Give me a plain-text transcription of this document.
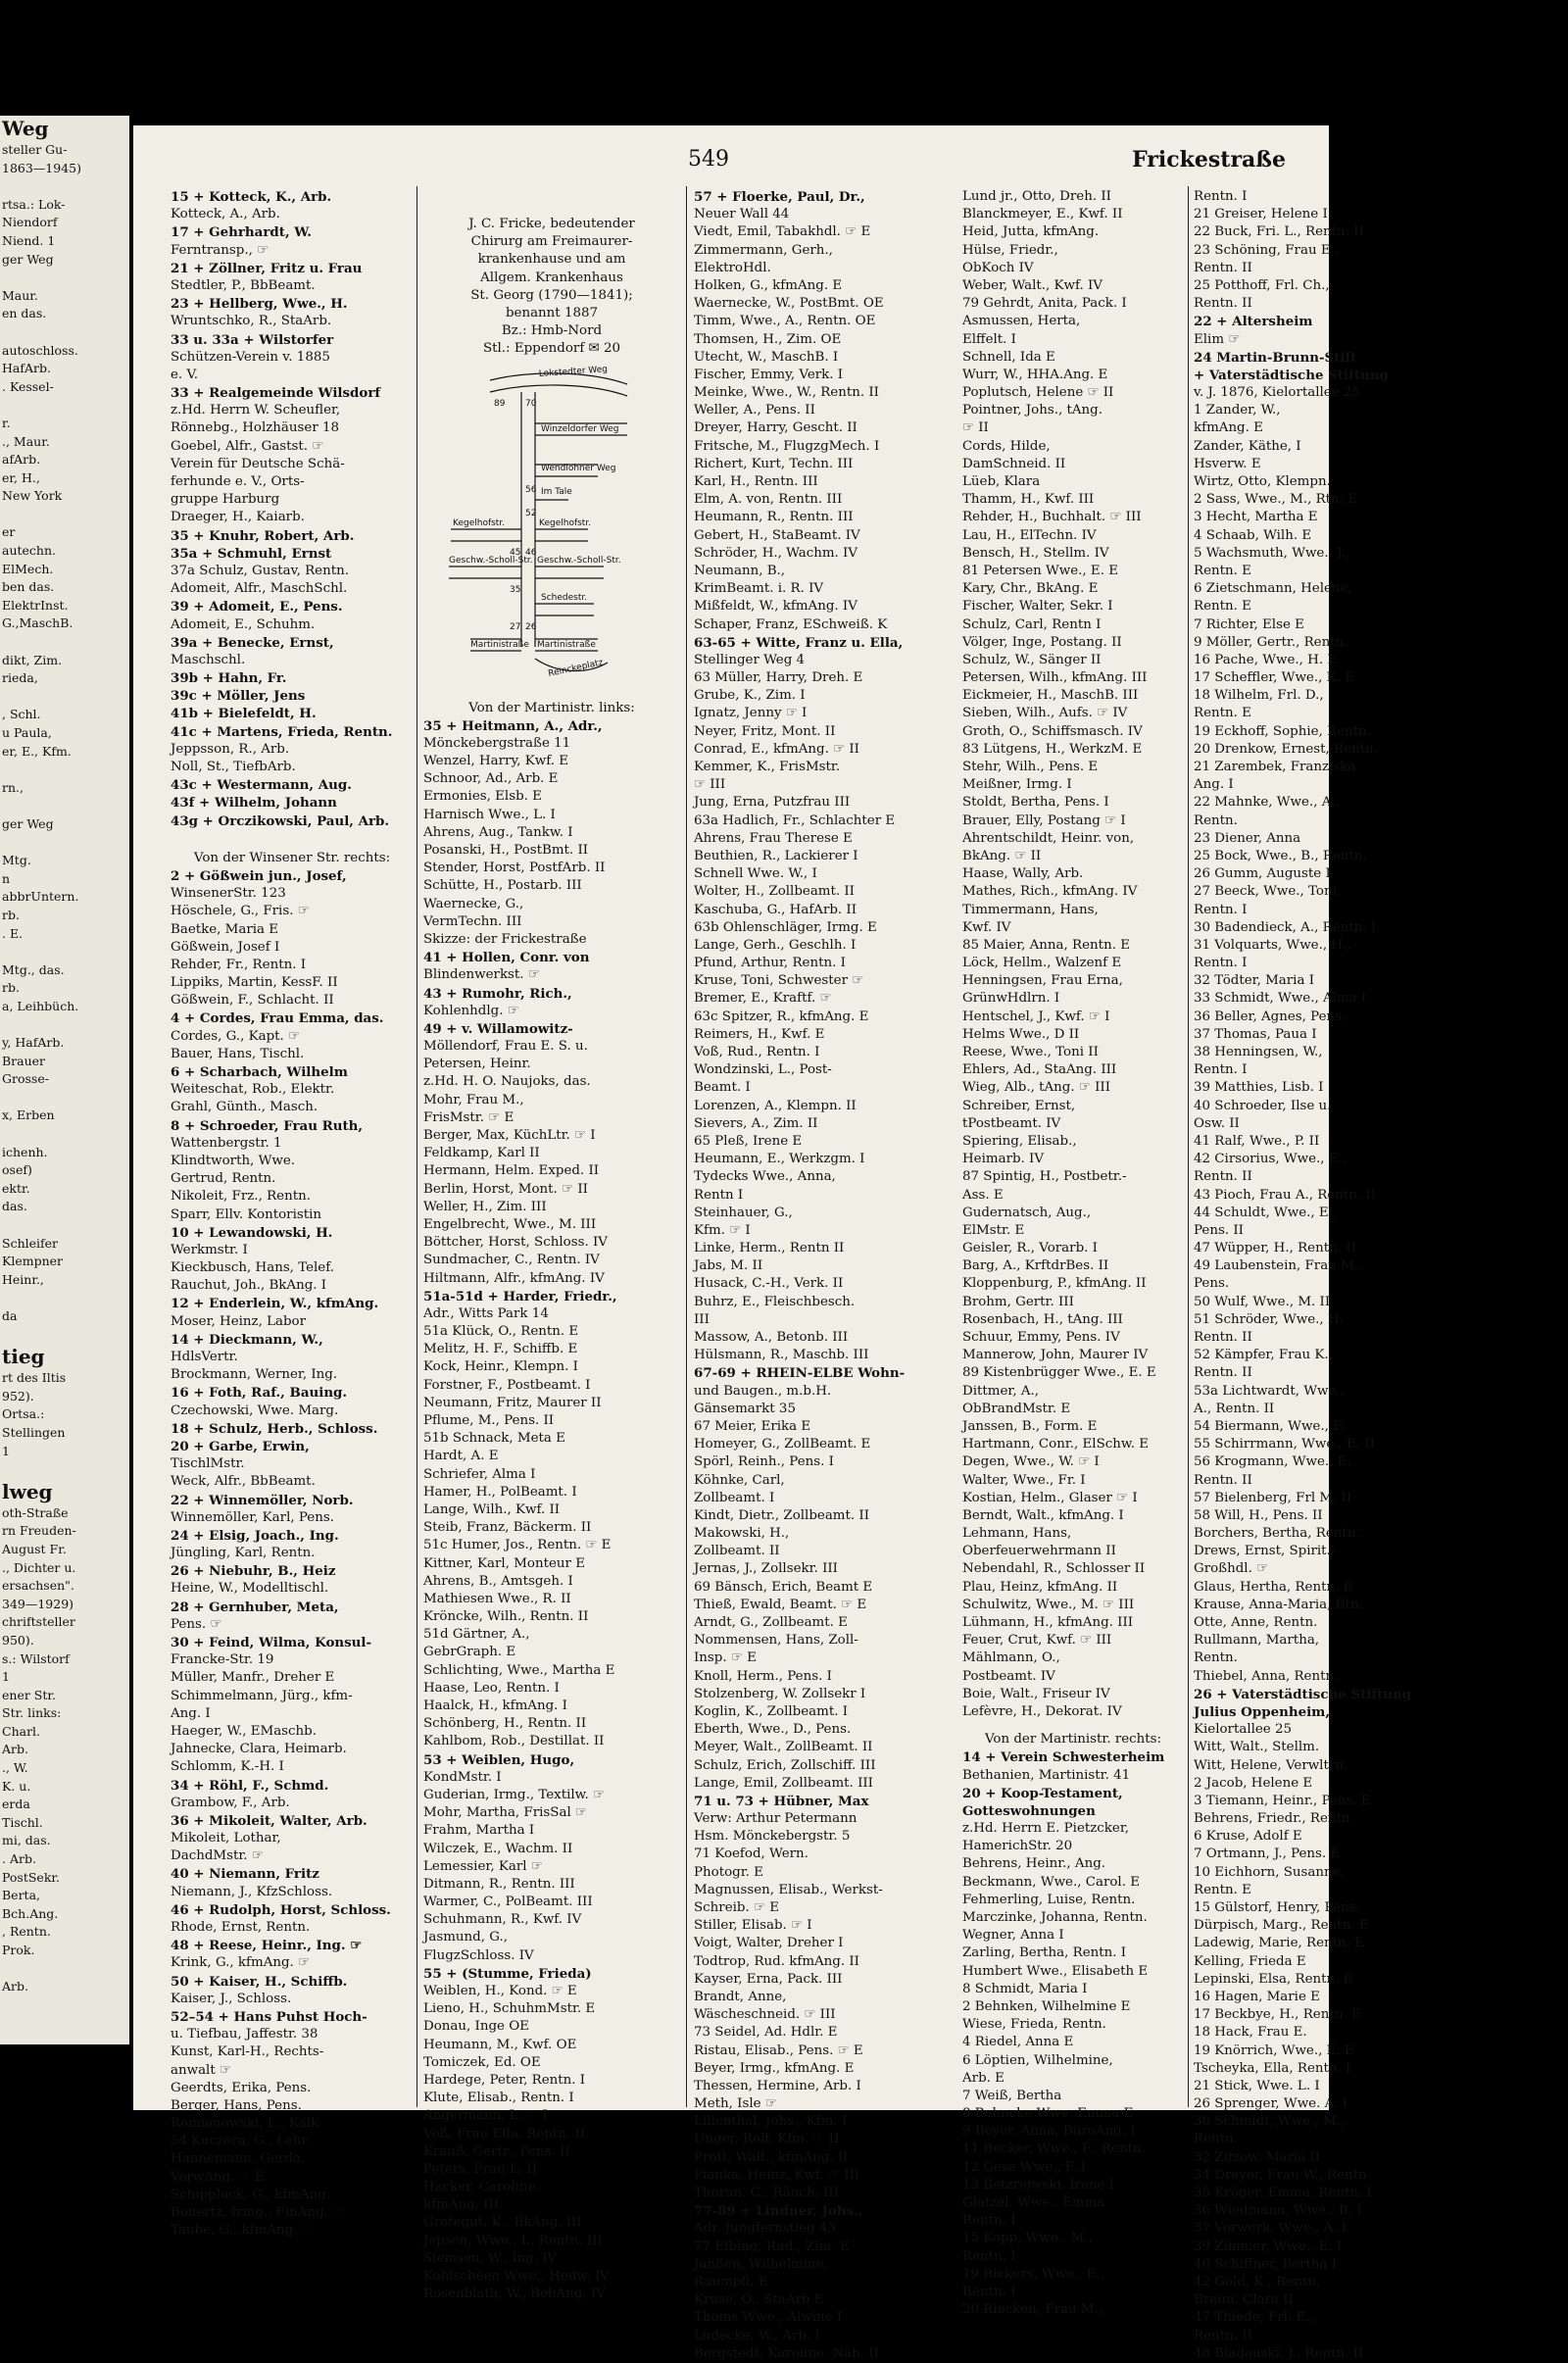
Weg
steller Gu-
1863—1945)
rtsa.: Lok-
Niendorf
Niend. 1
ger Weg
Maur.
en das.
autoschloss.
HafArb.
. Kessel-
r.
., Maur.
afArb.
er, H.,
New York
er
autechn.
ElMech.
ben das.
ElektrInst.
G.,MaschB.
dikt, Zim.
rieda,
, Schl.
u Paula,
er, E., Kfm.
rn.,
ger Weg
Mtg.
n
abbrUntern.
rb.
. E.
Mtg., das.
rb.
a, Leihbüch.
y, HafArb.
Brauer
Grosse-
x, Erben
ichenh.
osef)
ektr.
das.
Schleifer
Klempner
Heinr.,
da
tieg
rt des Iltis
952).
Ortsa.:
Stellingen
1
lweg
oth-Straße
rn Freuden-
August Fr.
., Dichter u.
ersachsen".
349—1929)
chriftsteller
950).
s.: Wilstorf
1
ener Str.
Str. links:
Charl.
Arb.
., W.
K. u.
erda
Tischl.
mi, das.
. Arb.
PostSekr.
Berta,
Bch.Ang.
, Rentn.
Prok.
Arb.
549	Frickestraße
15 + Kotteck, K., Arb.
Kotteck, A., Arb.
17 + Gehrhardt, W.
Ferntransp., ☞
21 + Zöllner, Fritz u. Frau
Stedtler, P., BbBeamt.
23 + Hellberg, Wwe., H.
Wruntschko, R., StaArb.
33 u. 33a + Wilstorfer
Schützen-Verein v. 1885
e. V.
33 + Realgemeinde Wilsdorf
z.Hd. Herrn W. Scheufler,
Rönnebg., Holzhäuser 18
Goebel, Alfr., Gastst. ☞
Verein für Deutsche Schä-
ferhunde e. V., Orts-
gruppe Harburg
Draeger, H., Kaiarb.
35 + Knuhr, Robert, Arb.
35a + Schmuhl, Ernst
37a Schulz, Gustav, Rentn.
Adomeit, Alfr., MaschSchl.
39 + Adomeit, E., Pens.
Adomeit, E., Schuhm.
39a + Benecke, Ernst,
Maschschl.
39b + Hahn, Fr.
39c + Möller, Jens
41b + Bielefeldt, H.
41c + Martens, Frieda, Rentn.
Jeppsson, R., Arb.
Noll, St., TiefbArb.
43c + Westermann, Aug.
43f + Wilhelm, Johann
43g + Orczikowski, Paul, Arb.
Von der Winsener Str. rechts:
2 + Gößwein jun., Josef,
WinsenerStr. 123
Höschele, G., Fris. ☞
Baetke, Maria E
Gößwein, Josef I
Rehder, Fr., Rentn. I
Lippiks, Martin, KessF. II
Gößwein, F., Schlacht. II
4 + Cordes, Frau Emma, das.
Cordes, G., Kapt. ☞
Bauer, Hans, Tischl.
6 + Scharbach, Wilhelm
Weiteschat, Rob., Elektr.
Grahl, Günth., Masch.
8 + Schroeder, Frau Ruth,
Wattenbergstr. 1
Klindtworth, Wwe.
Gertrud, Rentn.
Nikoleit, Frz., Rentn.
Sparr, Ellv. Kontoristin
10 + Lewandowski, H.
Werkmstr. I
Kieckbusch, Hans, Telef.
Rauchut, Joh., BkAng. I
12 + Enderlein, W., kfmAng.
Moser, Heinz, Labor
14 + Dieckmann, W.,
HdlsVertr.
Brockmann, Werner, Ing.
16 + Foth, Raf., Bauing.
Czechowski, Wwe. Marg.
18 + Schulz, Herb., Schloss.
20 + Garbe, Erwin,
TischlMstr.
Weck, Alfr., BbBeamt.
22 + Winnemöller, Norb.
Winnemöller, Karl, Pens.
24 + Elsig, Joach., Ing.
Jüngling, Karl, Rentn.
26 + Niebuhr, B., Heiz
Heine, W., Modelltischl.
28 + Gernhuber, Meta,
Pens. ☞
30 + Feind, Wilma, Konsul-
Francke-Str. 19
Müller, Manfr., Dreher E
Schimmelmann, Jürg., kfm-
Ang. I
Haeger, W., EMaschb.
Jahnecke, Clara, Heimarb.
Schlomm, K.-H. I
34 + Röhl, F., Schmd.
Grambow, F., Arb.
36 + Mikoleit, Walter, Arb.
Mikoleit, Lothar,
DachdMstr. ☞
40 + Niemann, Fritz
Niemann, J., KfzSchloss.
46 + Rudolph, Horst, Schloss.
Rhode, Ernst, Rentn.
48 + Reese, Heinr., Ing. ☞
Krink, G., kfmAng. ☞
50 + Kaiser, H., Schiffb.
Kaiser, J., Schloss.
52–54 + Hans Puhst Hoch-
u. Tiefbau, Jaffestr. 38
Kunst, Karl-H., Rechts-
anwalt ☞
Geerdts, Erika, Pens.
Berger, Hans, Pens.
Romianowski, L., Kalk
54 Kuczera, G., Lehr.
Hannemann, Gerda,
VerwAng. ☞ E
Schipplock, G., kfmAng.
Bonertz, Irmg., FinAng. ☞
Taube, G., kfmAng. ☞
J. C. Fricke, bedeutender
Chirurg am Freimaurer-
krankenhause und am
Allgem. Krankenhaus
St. Georg (1790—1841);
benannt 1887
Bz.: Hmb-Nord
Stl.: Eppendorf ✉ 20
Lokstedter Weg
89 70
Winzeldorfer Weg
Wendlohner Weg
56 Im Tale
52
Kegelhofstr.	Kegelhofstr.
45 46
Geschw.-Scholl-Str. Geschw.-Scholl-Str.
35
Schedestr.
27 26
Martinistraße Martinistraße
Reinckeplatz
Von der Martinistr. links:
35 + Heitmann, A., Adr.,
Mönckebergstraße 11
Wenzel, Harry, Kwf. E
Schnoor, Ad., Arb. E
Ermonies, Elsb. E
Harnisch Wwe., L. I
Ahrens, Aug., Tankw. I
Posanski, H., PostBmt. II
Stender, Horst, PostfArb. II
Schütte, H., Postarb. III
Waernecke, G.,
VermTechn. III
Skizze: der Frickestraße
41 + Hollen, Conr. von
Blindenwerkst. ☞
43 + Rumohr, Rich.,
Kohlenhdlg. ☞
49 + v. Willamowitz-
Möllendorf, Frau E. S. u.
Petersen, Heinr.
z.Hd. H. O. Naujoks, das.
Mohr, Frau M.,
FrisMstr. ☞ E
Berger, Max, KüchLtr. ☞ I
Feldkamp, Karl II
Hermann, Helm. Exped. II
Berlin, Horst, Mont. ☞ II
Weller, H., Zim. III
Engelbrecht, Wwe., M. III
Böttcher, Horst, Schloss. IV
Sundmacher, C., Rentn. IV
Hiltmann, Alfr., kfmAng. IV
51a-51d + Harder, Friedr.,
Adr., Witts Park 14
51a Klück, O., Rentn. E
Melitz, H. F., Schiffb. E
Kock, Heinr., Klempn. I
Forstner, F., Postbeamt. I
Neumann, Fritz, Maurer II
Pflume, M., Pens. II
51b Schnack, Meta E
Hardt, A. E
Schriefer, Alma I
Hamer, H., PolBeamt. I
Lange, Wilh., Kwf. II
Steib, Franz, Bäckerm. II
51c Humer, Jos., Rentn. ☞ E
Kittner, Karl, Monteur E
Ahrens, B., Amtsgeh. I
Mathiesen Wwe., R. II
Kröncke, Wilh., Rentn. II
51d Gärtner, A.,
GebrGraph. E
Schlichting, Wwe., Martha E
Haase, Leo, Rentn. I
Haalck, H., kfmAng. I
Schönberg, H., Rentn. II
Kahlbom, Rob., Destillat. II
53 + Weiblen, Hugo,
KondMstr. I
Guderian, Irmg., Textilw. ☞
Mohr, Martha, FrisSal ☞
Frahm, Martha I
Wilczek, E., Wachm. II
Lemessier, Karl ☞
Ditmann, R., Rentn. III
Warmer, C., PolBeamt. III
Schuhmann, R., Kwf. IV
Jasmund, G.,
FlugzSchloss. IV
55 + (Stumme, Frieda)
Weiblen, H., Kond. ☞ E
Lieno, H., SchuhmMstr. E
Donau, Inge OE
Heumann, M., Kwf. OE
Tomiczek, Ed. OE
Hardege, Peter, Rentn. I
Klute, Elisab., Rentn. I
Angermann, L. ☞ I
Voß, Frau Ella, Rentn. II
Krauß, Gertr., Pens. II
Peters, Frau L. II
Hacker, Caroline,
kfmAng. III
Grotegut, K., BkAng. III
Jepsen, Wwe., I., Rentn. III
Siemsen, W., Ing. IV
Kohlscheen Wwe., Hedw. IV
Rosenblath, W., BehAng. IV
57 + Floerke, Paul, Dr.,
Neuer Wall 44
Viedt, Emil, Tabakhdl. ☞ E
Zimmermann, Gerh.,
ElektroHdl.
Holken, G., kfmAng. E
Waernecke, W., PostBmt. OE
Timm, Wwe., A., Rentn. OE
Thomsen, H., Zim. OE
Utecht, W., MaschB. I
Fischer, Emmy, Verk. I
Meinke, Wwe., W., Rentn. II
Weller, A., Pens. II
Dreyer, Harry, Gescht. II
Fritsche, M., FlugzgMech. I
Richert, Kurt, Techn. III
Karl, H., Rentn. III
Elm, A. von, Rentn. III
Heumann, R., Rentn. III
Gebert, H., StaBeamt. IV
Schröder, H., Wachm. IV
Neumann, B.,
KrimBeamt. i. R. IV
Mißfeldt, W., kfmAng. IV
Schaper, Franz, ESchweiß. K
63-65 + Witte, Franz u. Ella,
Stellinger Weg 4
63 Müller, Harry, Dreh. E
Grube, K., Zim. I
Ignatz, Jenny ☞ I
Neyer, Fritz, Mont. II
Conrad, E., kfmAng. ☞ II
Kemmer, K., FrisMstr.
☞ III
Jung, Erna, Putzfrau III
63a Hadlich, Fr., Schlachter E
Ahrens, Frau Therese E
Beuthien, R., Lackierer I
Schnell Wwe. W., I
Wolter, H., Zollbeamt. II
Kaschuba, G., HafArb. II
63b Ohlenschläger, Irmg. E
Lange, Gerh., Geschlh. I
Pfund, Arthur, Rentn. I
Kruse, Toni, Schwester ☞
Bremer, E., Kraftf. ☞
63c Spitzer, R., kfmAng. E
Reimers, H., Kwf. E
Voß, Rud., Rentn. I
Wondzinski, L., Post-
Beamt. I
Lorenzen, A., Klempn. II
Sievers, A., Zim. II
65 Pleß, Irene E
Heumann, E., Werkzgm. I
Tydecks Wwe., Anna,
Rentn I
Steinhauer, G.,
Kfm. ☞ I
Linke, Herm., Rentn II
Jabs, M. II
Husack, C.-H., Verk. II
Buhrz, E., Fleischbesch.
III
Massow, A., Betonb. III
Hülsmann, R., Maschb. III
67-69 + RHEIN-ELBE Wohn-
und Baugen., m.b.H.
Gänsemarkt 35
67 Meier, Erika E
Homeyer, G., ZollBeamt. E
Spörl, Reinh., Pens. I
Köhnke, Carl,
Zollbeamt. I
Kindt, Dietr., Zollbeamt. II
Makowski, H.,
Zollbeamt. II
Jernas, J., Zollsekr. III
69 Bänsch, Erich, Beamt E
Thieß, Ewald, Beamt. ☞ E
Arndt, G., Zollbeamt. E
Nommensen, Hans, Zoll-
Insp. ☞ E
Knoll, Herm., Pens. I
Stolzenberg, W. Zollsekr I
Koglin, K., Zollbeamt. I
Eberth, Wwe., D., Pens.
Meyer, Walt., ZollBeamt. II
Schulz, Erich, Zollschiff. III
Lange, Emil, Zollbeamt. III
71 u. 73 + Hübner, Max
Verw: Arthur Petermann
Hsm. Mönckebergstr. 5
71 Koefod, Wern.
Photogr. E
Magnussen, Elisab., Werkst-
Schreib. ☞ E
Stiller, Elisab. ☞ I
Voigt, Walter, Dreher I
Todtrop, Rud. kfmAng. II
Kayser, Erna, Pack. III
Brandt, Anne,
Wäscheschneid. ☞ III
73 Seidel, Ad. Hdlr. E
Ristau, Elisab., Pens. ☞ E
Beyer, Irmg., kfmAng. E
Thessen, Hermine, Arb. I
Meth, Isle ☞
Lilienthal, Johs., Kfm. I
Unger, Rolf, Kfm. ☞ II
Prott, Walt., kfmAng. II
Pianka, Heinz, Kwf. ☞ III
Thorun, C., Räuch. III
77-89 + Lindner, Johs.,
Adr. Jungfernstieg 43
77 Elbing, Rud., Zim. E
Janßen, Wilhelmine,
Raumpfl. E
Kruse, O., StaArb E
Thoms Wwe., Alwine I
Lüdecke, W., Arb. I
Bergstedt, Karoline, Näh. II
Lund jr., Otto, Dreh. II
Blanckmeyer, E., Kwf. II
Heid, Jutta, kfmAng.
Hülse, Friedr.,
ObKoch IV
Weber, Walt., Kwf. IV
79 Gehrdt, Anita, Pack. I
Asmussen, Herta,
Elffelt. I
Schnell, Ida E
Wurr, W., HHA.Ang. E
Poplutsch, Helene ☞ II
Pointner, Johs., tAng.
☞ II
Cords, Hilde,
DamSchneid. II
Lüeb, Klara
Thamm, H., Kwf. III
Rehder, H., Buchhalt. ☞ III
Lau, H., ElTechn. IV
Bensch, H., Stellm. IV
81 Petersen Wwe., E. E
Kary, Chr., BkAng. E
Fischer, Walter, Sekr. I
Schulz, Carl, Rentn I
Völger, Inge, Postang. II
Schulz, W., Sänger II
Petersen, Wilh., kfmAng. III
Eickmeier, H., MaschB. III
Sieben, Wilh., Aufs. ☞ IV
Groth, O., Schiffsmasch. IV
83 Lütgens, H., WerkzM. E
Stehr, Wilh., Pens. E
Meißner, Irmg. I
Stoldt, Bertha, Pens. I
Brauer, Elly, Postang ☞ I
Ahrentschildt, Heinr. von,
BkAng. ☞ II
Haase, Wally, Arb.
Mathes, Rich., kfmAng. IV
Timmermann, Hans,
Kwf. IV
85 Maier, Anna, Rentn. E
Löck, Hellm., Walzenf E
Henningsen, Frau Erna,
GrünwHdlrn. I
Hentschel, J., Kwf. ☞ I
Helms Wwe., D II
Reese, Wwe., Toni II
Ehlers, Ad., StaAng. III
Wieg, Alb., tAng. ☞ III
Schreiber, Ernst,
tPostbeamt. IV
Spiering, Elisab.,
Heimarb. IV
87 Spintig, H., Postbetr.-
Ass. E
Gudernatsch, Aug.,
ElMstr. E
Geisler, R., Vorarb. I
Barg, A., KrftdrBes. II
Kloppenburg, P., kfmAng. II
Brohm, Gertr. III
Rosenbach, H., tAng. III
Schuur, Emmy, Pens. IV
Mannerow, John, Maurer IV
89 Kistenbrügger Wwe., E. E
Dittmer, A.,
ObBrandMstr. E
Janssen, B., Form. E
Hartmann, Conr., ElSchw. E
Degen, Wwe., W. ☞ I
Walter, Wwe., Fr. I
Kostian, Helm., Glaser ☞ I
Berndt, Walt., kfmAng. I
Lehmann, Hans,
Oberfeuerwehrmann II
Nebendahl, R., Schlosser II
Plau, Heinz, kfmAng. II
Schulwitz, Wwe., M. ☞ III
Lühmann, H., kfmAng. III
Feuer, Crut, Kwf. ☞ III
Mählmann, O.,
Postbeamt. IV
Boie, Walt., Friseur IV
Lefèvre, H., Dekorat. IV
Von der Martinistr. rechts:
14 + Verein Schwesterheim
Bethanien, Martinistr. 41
20 + Koop-Testament,
Gotteswohnungen
z.Hd. Herrn E. Pietzcker,
HamerichStr. 20
Behrens, Heinr., Ang.
Beckmann, Wwe., Carol. E
Fehmerling, Luise, Rentn.
Marczinke, Johanna, Rentn.
Wegner, Anna I
Zarling, Bertha, Rentn. I
Humbert Wwe., Elisabeth E
8 Schmidt, Maria I
2 Behnken, Wilhelmine E
Wiese, Frieda, Rentn.
4 Riedel, Anna E
6 Löptien, Wilhelmine,
Arb. E
7 Weiß, Bertha
8 Behncke Wwe. Emma E
9 Beyer, Anna, BüroAng. I
11 Becker, Wwe., F., Rentn.
12 Gese Wwe., F. I
13 Betzrejwski, Irene I
Glatzel, Wwe., Emma
Rentn. I
15 Kopp, Wwe., M.,
Rentn. I
19 Rickers, Wwe., E.,
Rentn. I
20 Riecken, Frau M.,
Rentn. I
21 Greiser, Helene I
22 Buck, Fri. L., Rentn. II
23 Schöning, Frau E.,
Rentn. II
25 Potthoff, Frl. Ch.,
Rentn. II
22 + Altersheim
Elim ☞
24 Martin-Brunn-Stift
+ Vaterstädtische Stiftung
v. J. 1876, Kielortallee 25
1 Zander, W.,
kfmAng. E
Zander, Käthe, I
Hsverw. E
Wirtz, Otto, Klempn.
2 Sass, Wwe., M., Rtn. E
3 Hecht, Martha E
4 Schaab, Wilh. E
5 Wachsmuth, Wwe., J.,
Rentn. E
6 Zietschmann, Helene,
Rentn. E
7 Richter, Else E
9 Möller, Gertr., Rentn.
16 Pache, Wwe., H. E
17 Scheffler, Wwe., K. E
18 Wilhelm, Frl. D.,
Rentn. E
19 Eckhoff, Sophie, Rentn.
20 Drenkow, Ernest, Rentn.
21 Zarembek, Franziska
Ang. I
22 Mahnke, Wwe., A.,
Rentn.
23 Diener, Anna
25 Bock, Wwe., B., Rentn.
26 Gumm, Auguste I
27 Beeck, Wwe., Toni,
Rentn. I
30 Badendieck, A., Rentn. I
31 Volquarts, Wwe., H.,
Rentn. I
32 Tödter, Maria I
33 Schmidt, Wwe., Alma I
36 Beller, Agnes, Pens.
37 Thomas, Paua I
38 Henningsen, W.,
Rentn. I
39 Matthies, Lisb. I
40 Schroeder, Ilse u.
Osw. II
41 Ralf, Wwe., P. II
42 Cirsorius, Wwe., E.,
Rentn. II
43 Pioch, Frau A., Rentn. II
44 Schuldt, Wwe., E.,
Pens. II
47 Wüpper, H., Rentn. II
49 Laubenstein, Frau M.,
Pens.
50 Wulf, Wwe., M. II
51 Schröder, Wwe., H.
Rentn. II
52 Kämpfer, Frau K.,
Rentn. II
53a Lichtwardt, Wwe.,
A., Rentn. II
54 Biermann, Wwe., E.
55 Schirrmann, Wwe., E. II
56 Krogmann, Wwe., E.
Rentn. II
57 Bielenberg, Frl M. II
58 Will, H., Pens. II
Borchers, Bertha, Rentn.
Drews, Ernst, Spirit.-
Großhdl. ☞
Glaus, Hertha, Rentn. E
Krause, Anna-Maria, Rtn.
Otte, Anne, Rentn.
Rullmann, Martha,
Rentn.
Thiebel, Anna, Rentn.
26 + Vaterstädtische Stiftung
Julius Oppenheim,
Kielortallee 25
Witt, Walt., Stellm.
Witt, Helene, Verwltrn.
2 Jacob, Helene E
3 Tiemann, Heinr., Pens. E
Behrens, Friedr., Rentn.
6 Kruse, Adolf E
7 Ortmann, J., Pens. E
10 Eichhorn, Susanne,
Rentn. E
15 Gülstorf, Henry, Pens.
Dürpisch, Marg., Rentn. E
Ladewig, Marie, Rentn. E
Kelling, Frieda E
Lepinski, Elsa, Rentn. E
16 Hagen, Marie E
17 Beckbye, H., Rentn. E
18 Hack, Frau E.
19 Knörrich, Wwe., E. E
Tscheyka, Ella, Rentn. I
21 Stick, Wwe. L. I
26 Sprenger, Wwe. A. I
30 Schmidt, Wwe., M.,
Rentn.
32 Zitzow, Maria II
34 Dreyer, Frau W., Rentn.
35 Kröger, Emma, Rentn. I
36 Wiedmann, Wwe., B. I
37 Vorwerk, Wwe., A. I
39 Zimmer, Wwe., E. I
40 Schiffner, Bertha I
42 Gold, K., Rentn.
Braun, Clara II
47 Thiede, Frl. E.,
Rentn. II
48 Bladauski, J., Rentn. II
